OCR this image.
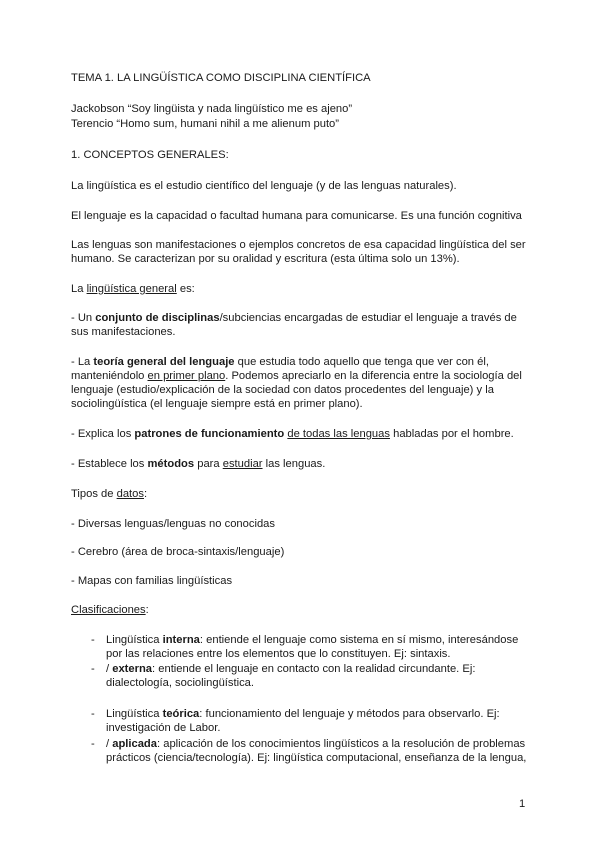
TEMA 1. LA LINGÜÍSTICA COMO DISCIPLINA CIENTÍFICA
Jackobson “Soy lingüista y nada lingüístico me es ajeno”
Terencio “Homo sum, humani nihil a me alienum puto”
1. CONCEPTOS GENERALES:
La lingüística es el estudio científico del lenguaje (y de las lenguas naturales).
El lenguaje es la capacidad o facultad humana para comunicarse. Es una función cognitiva
Las lenguas son manifestaciones o ejemplos concretos de esa capacidad lingüística del ser
humano. Se caracterizan por su oralidad y escritura (esta última solo un 13%).
La lingüística general es:
- Un conjunto de disciplinas/subciencias encargadas de estudiar el lenguaje a través de
sus manifestaciones.
- La teoría general del lenguaje que estudia todo aquello que tenga que ver con él,
manteniéndolo en primer plano. Podemos apreciarlo en la diferencia entre la sociología del
lenguaje (estudio/explicación de la sociedad con datos procedentes del lenguaje) y la
sociolingüística (el lenguaje siempre está en primer plano).
- Explica los patrones de funcionamiento de todas las lenguas habladas por el hombre.
- Establece los métodos para estudiar las lenguas.
Tipos de datos:
- Diversas lenguas/lenguas no conocidas
- Cerebro (área de broca-sintaxis/lenguaje)
- Mapas con familias lingüísticas
Clasificaciones:
- Lingüística interna: entiende el lenguaje como sistema en sí mismo, interesándose
por las relaciones entre los elementos que lo constituyen. Ej: sintaxis.
- / externa: entiende el lenguaje en contacto con la realidad circundante. Ej:
dialectología, sociolingüística.
- Lingüística teórica: funcionamiento del lenguaje y métodos para observarlo. Ej:
investigación de Labor.
- / aplicada: aplicación de los conocimientos lingüísticos a la resolución de problemas
prácticos (ciencia/tecnología). Ej: lingüística computacional, enseñanza de la lengua,
1
